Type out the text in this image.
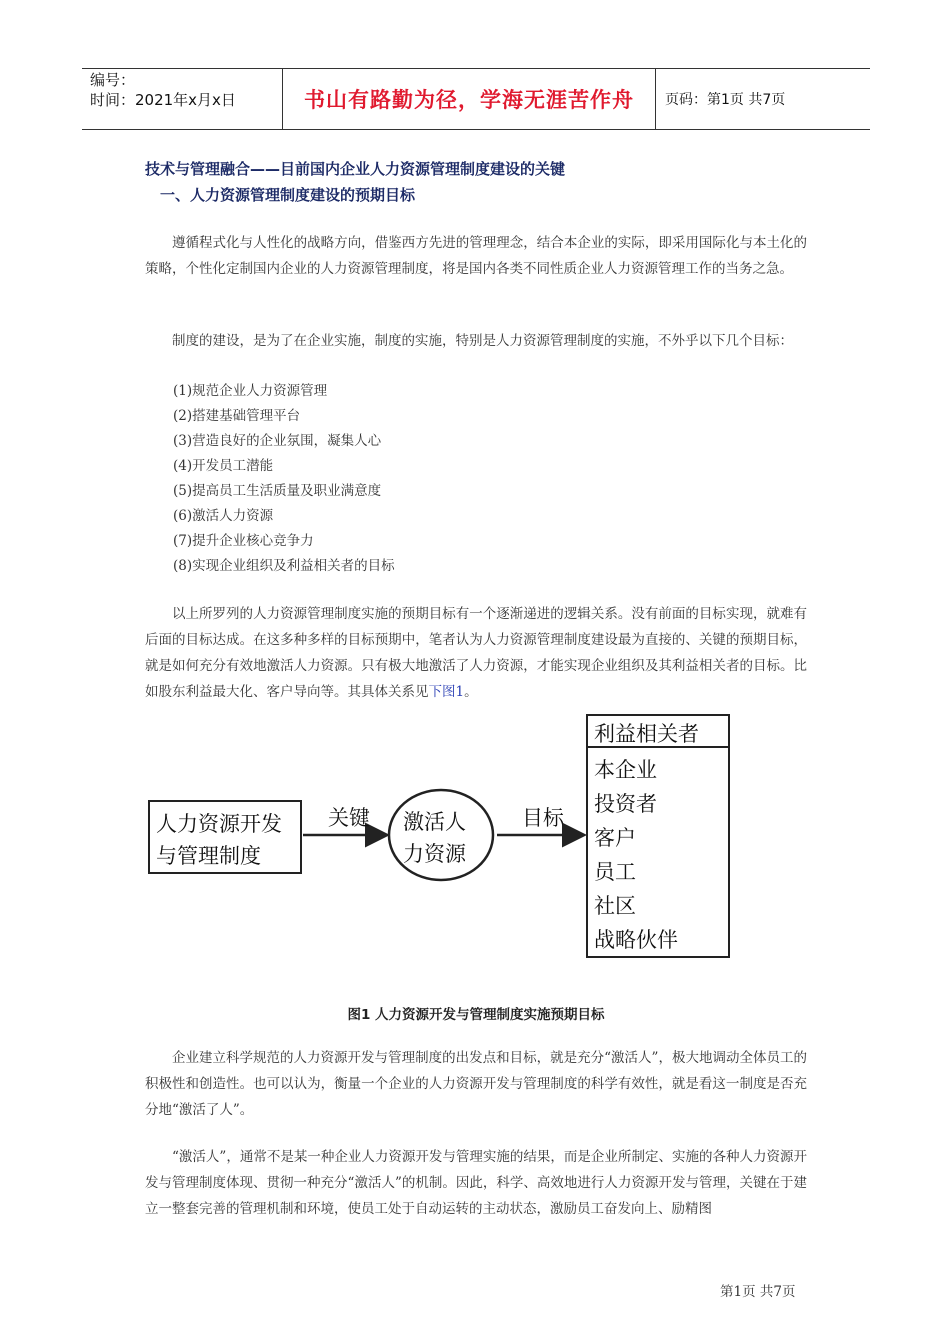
编号：
时间：2021年x月x日	书山有路勤为径，学海无涯苦作舟	页码：第1页 共7页
技术与管理融合——目前国内企业人力资源管理制度建设的关键
一、人力资源管理制度建设的预期目标
遵循程式化与人性化的战略方向，借鉴西方先进的管理理念，结合本企业的实际，即采用国际化与本土化的策略，个性化定制国内企业的人力资源管理制度，将是国内各类不同性质企业人力资源管理工作的当务之急。
制度的建设，是为了在企业实施，制度的实施，特别是人力资源管理制度的实施，不外乎以下几个目标：
(1)规范企业人力资源管理
(2)搭建基础管理平台
(3)营造良好的企业氛围，凝集人心
(4)开发员工潜能
(5)提高员工生活质量及职业满意度
(6)激活人力资源
(7)提升企业核心竞争力
(8)实现企业组织及利益相关者的目标
以上所罗列的人力资源管理制度实施的预期目标有一个逐渐递进的逻辑关系。没有前面的目标实现，就难有后面的目标达成。在这多种多样的目标预期中，笔者认为人力资源管理制度建设最为直接的、关键的预期目标，就是如何充分有效地激活人力资源。只有极大地激活了人力资源，才能实现企业组织及其利益相关者的目标。比如股东利益最大化、客户导向等。其具体关系见下图1。
人力资源开发
与管理制度
关键 激活人
力资源
目标
利益相关者
本企业
投资者
客户
员工
社区
战略伙伴
图1 人力资源开发与管理制度实施预期目标
企业建立科学规范的人力资源开发与管理制度的出发点和目标，就是充分“激活人”，极大地调动全体员工的积极性和创造性。也可以认为，衡量一个企业的人力资源开发与管理制度的科学有效性，就是看这一制度是否充分地“激活了人”。
“激活人”，通常不是某一种企业人力资源开发与管理实施的结果，而是企业所制定、实施的各种人力资源开发与管理制度体现、贯彻一种充分“激活人”的机制。因此，科学、高效地进行人力资源开发与管理，关键在于建立一整套完善的管理机制和环境，使员工处于自动运转的主动状态，激励员工奋发向上、励精图
第1页 共7页
